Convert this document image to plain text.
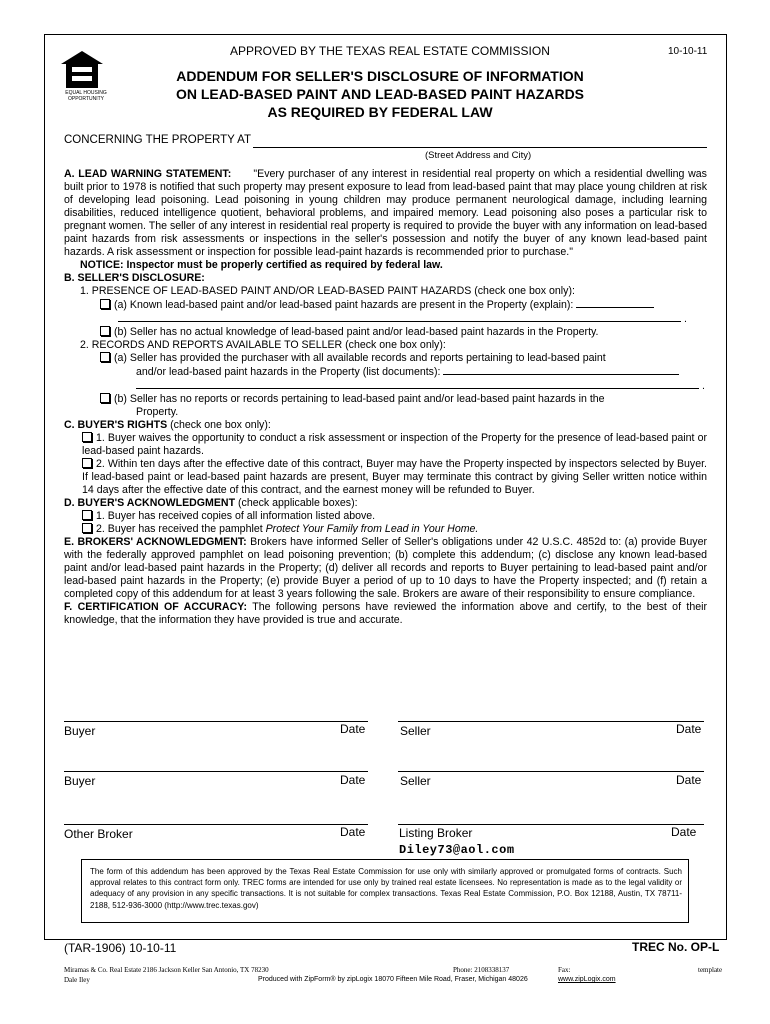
EQUAL HOUSING OPPORTUNITY
APPROVED BY THE TEXAS REAL ESTATE COMMISSION	10-10-11
ADDENDUM FOR SELLER'S DISCLOSURE OF INFORMATION
ON LEAD-BASED PAINT AND LEAD-BASED PAINT HAZARDS
AS REQUIRED BY FEDERAL LAW
CONCERNING THE PROPERTY AT
(Street Address and City)

A. LEAD WARNING STATEMENT: "Every purchaser of any interest in residential real property on which a residential dwelling was built prior to 1978 is notified that such property may present exposure to lead from lead-based paint that may place young children at risk of developing lead poisoning. Lead poisoning in young children may produce permanent neurological damage, including learning disabilities, reduced intelligence quotient, behavioral problems, and impaired memory. Lead poisoning also poses a particular risk to pregnant women. The seller of any interest in residential real property is required to provide the buyer with any information on lead-based paint hazards from risk assessments or inspections in the seller's possession and notify the buyer of any known lead-based paint hazards. A risk assessment or inspection for possible lead-paint hazards is recommended prior to purchase."

NOTICE: Inspector must be properly certified as required by federal law.

B. SELLER'S DISCLOSURE:

1. PRESENCE OF LEAD-BASED PAINT AND/OR LEAD-BASED PAINT HAZARDS (check one box only):

(a) Known lead-based paint and/or lead-based paint hazards are present in the Property (explain):

.

(b) Seller has no actual knowledge of lead-based paint and/or lead-based paint hazards in the Property.

2. RECORDS AND REPORTS AVAILABLE TO SELLER (check one box only):

(a) Seller has provided the purchaser with all available records and reports pertaining to lead-based paint

and/or lead-based paint hazards in the Property (list documents):

.

(b) Seller has no reports or records pertaining to lead-based paint and/or lead-based paint hazards in the

Property.

C. BUYER'S RIGHTS (check one box only):

1. Buyer waives the opportunity to conduct a risk assessment or inspection of the Property for the presence of lead-based paint or lead-based paint hazards.

2. Within ten days after the effective date of this contract, Buyer may have the Property inspected by inspectors selected by Buyer. If lead-based paint or lead-based paint hazards are present, Buyer may terminate this contract by giving Seller written notice within 14 days after the effective date of this contract, and the earnest money will be refunded to Buyer.

D. BUYER'S ACKNOWLEDGMENT (check applicable boxes):

1. Buyer has received copies of all information listed above.

2. Buyer has received the pamphlet Protect Your Family from Lead in Your Home.

E. BROKERS' ACKNOWLEDGMENT: Brokers have informed Seller of Seller's obligations under 42 U.S.C. 4852d to: (a) provide Buyer with the federally approved pamphlet on lead poisoning prevention; (b) complete this addendum; (c) disclose any known lead-based paint and/or lead-based paint hazards in the Property; (d) deliver all records and reports to Buyer pertaining to lead-based paint and/or lead-based paint hazards in the Property; (e) provide Buyer a period of up to 10 days to have the Property inspected; and (f) retain a completed copy of this addendum for at least 3 years following the sale. Brokers are aware of their responsibility to ensure compliance.

F. CERTIFICATION OF ACCURACY: The following persons have reviewed the information above and certify, to the best of their knowledge, that the information they have provided is true and accurate.

Buyer	Date	Seller	Date
Buyer	Date	Seller	Date
Other Broker	Date	Listing Broker	Date
Diley73@aol.com
The form of this addendum has been approved by the Texas Real Estate Commission for use only with similarly approved or promulgated forms of contracts. Such approval relates to this contract form only. TREC forms are intended for use only by trained real estate licensees. No representation is made as to the legal validity or adequacy of any provision in any specific transactions. It is not suitable for complex transactions. Texas Real Estate Commission, P.O. Box 12188, Austin, TX 78711-2188, 512-936-3000 (http://www.trec.texas.gov)
(TAR-1906) 10-10-11	TREC No. OP-L
Miramas & Co. Real Estate 2186 Jackson Keller San Antonio, TX 78230
Dale Iley
Phone: 2108338137	Fax:	template
Produced with ZipForm® by zipLogix 18070 Fifteen Mile Road, Fraser, Michigan 48026	www.zipLogix.com
